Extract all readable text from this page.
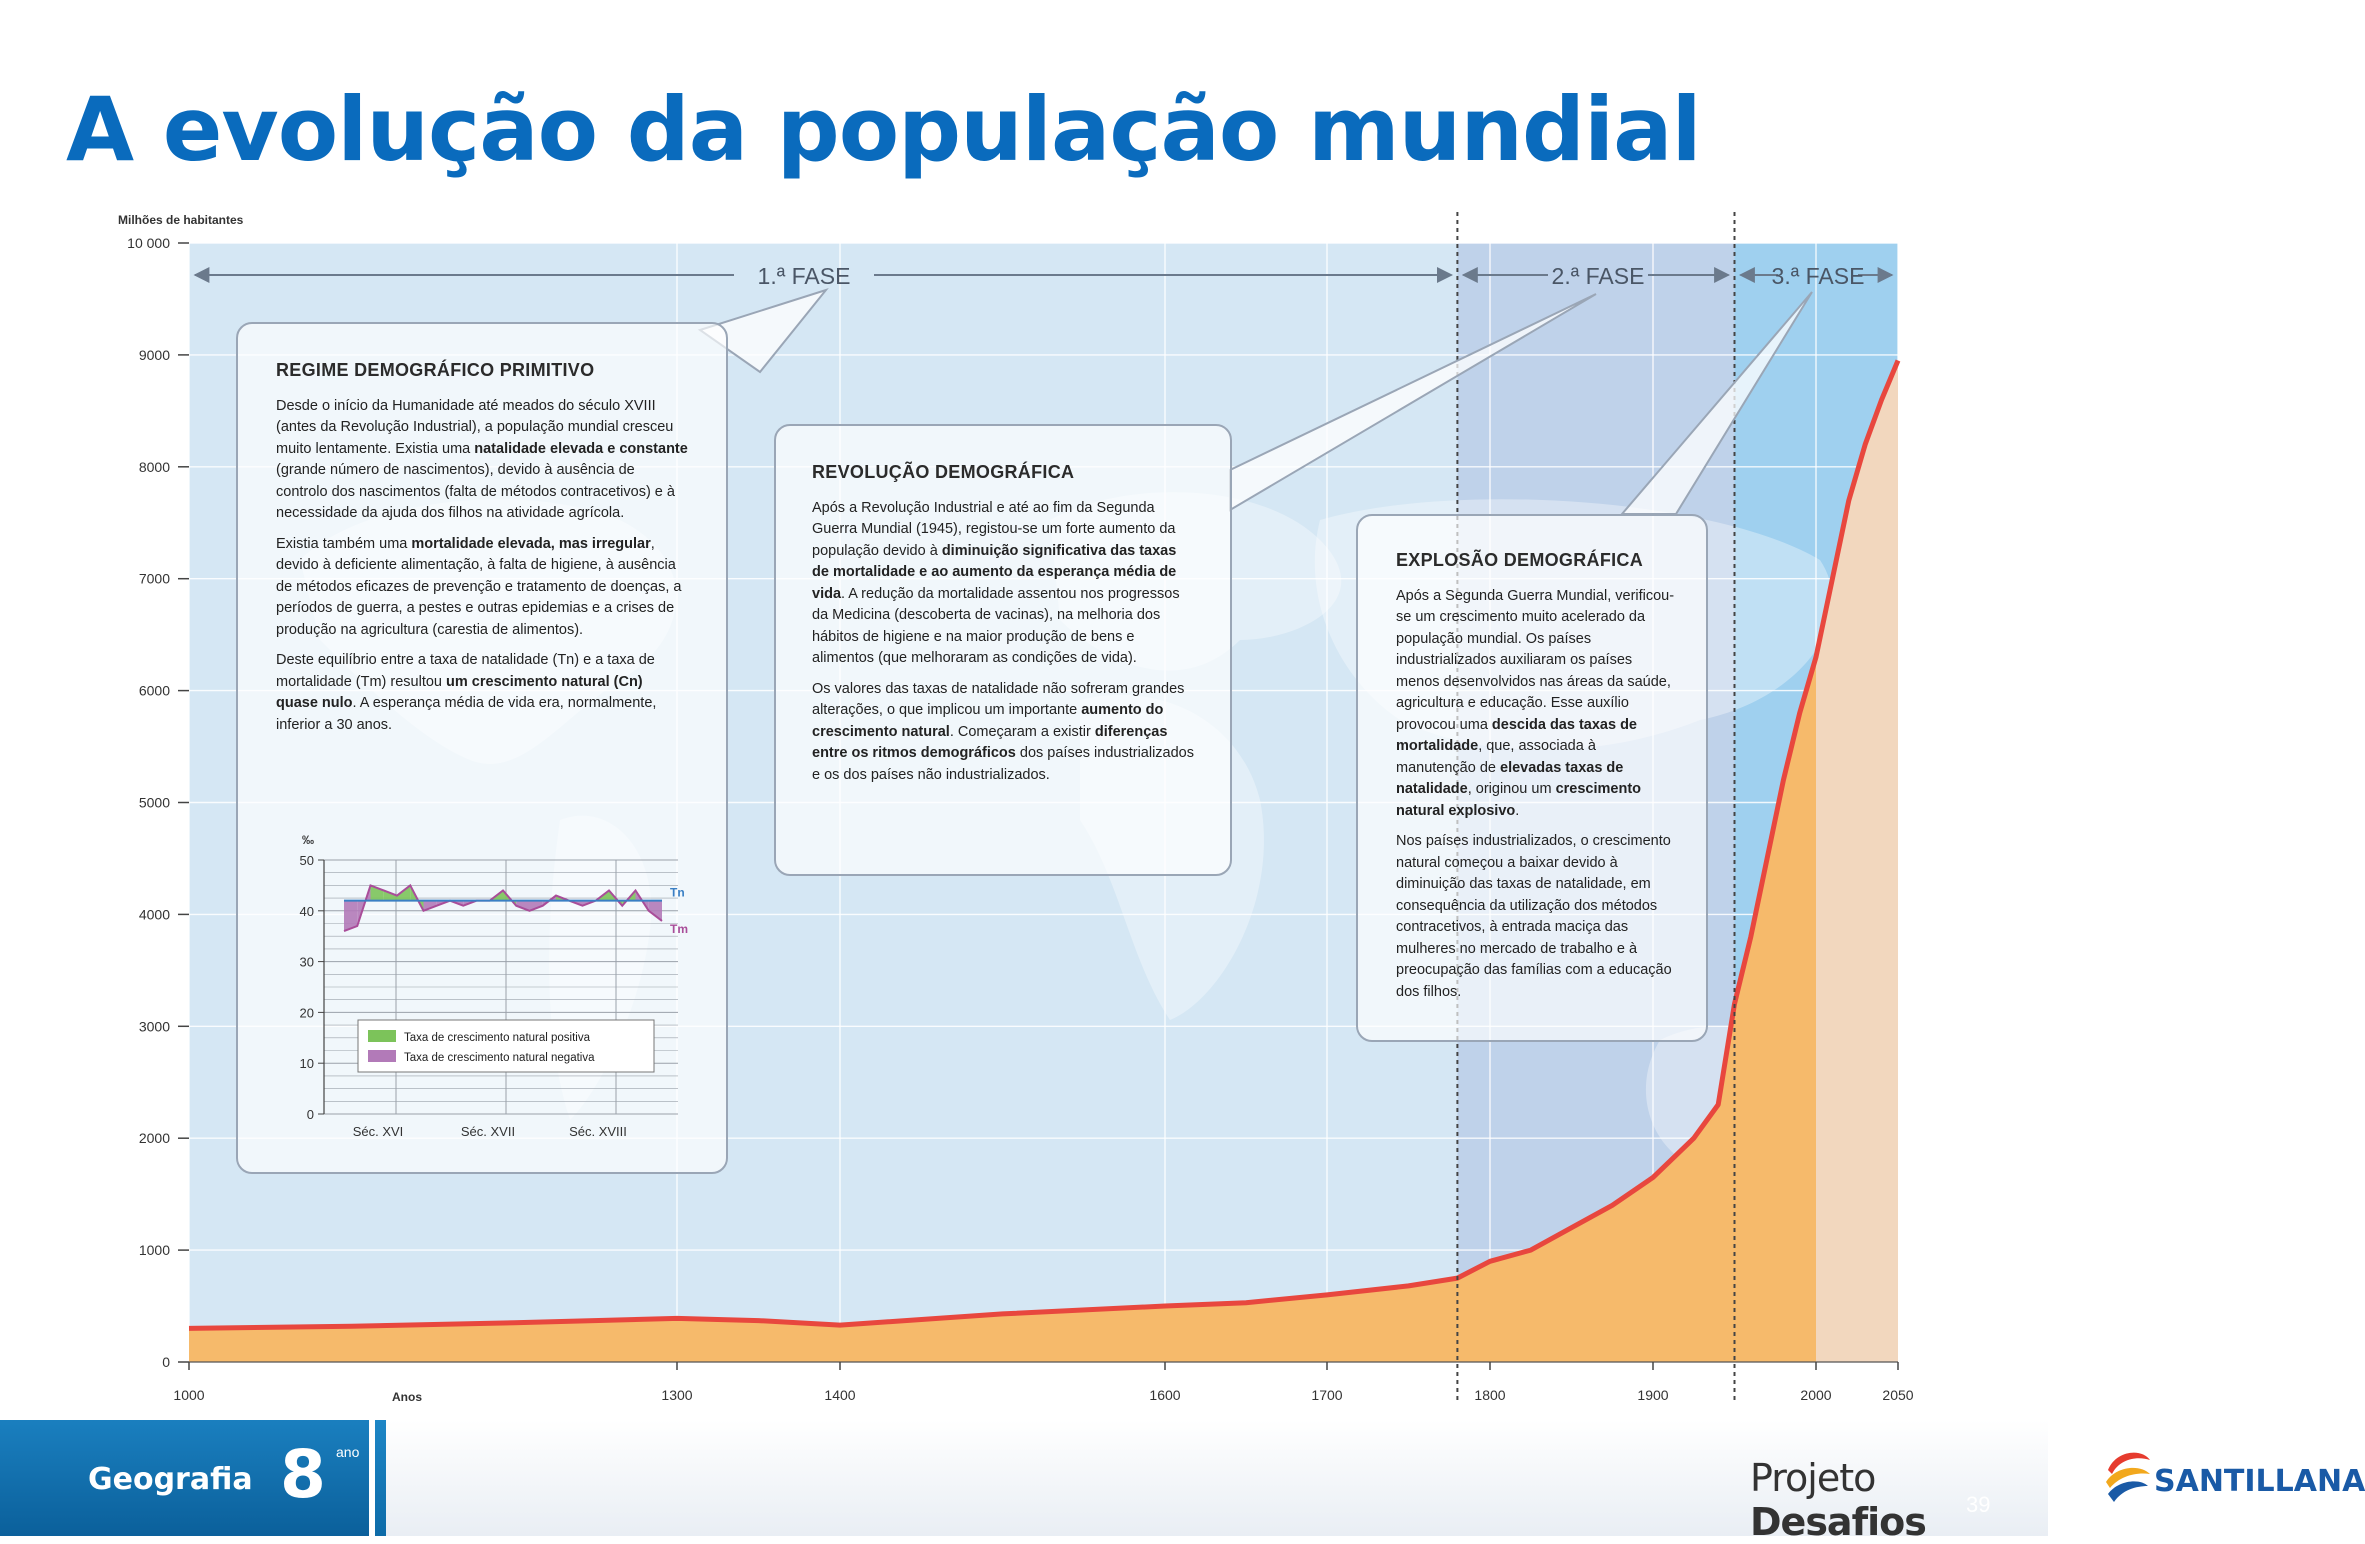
A evolução da população mundial
0
1000
2000
3000
4000
5000
6000
7000
8000
9000
10 000
1000	1300	1400	1600	1700	1800	1900	2000	2050
Milhões de habitantes
Anos
1.ª FASE	2.ª FASE	3.ª FASE
REGIME DEMOGRÁFICO PRIMITIVO

Desde o início da Humanidade até meados do século XVIII (antes da Revolução Industrial), a população mundial cresceu muito lentamente. Existia uma natalidade elevada e constante (grande número de nascimentos), devido à ausência de controlo dos nascimentos (falta de métodos contracetivos) e à necessidade da ajuda dos filhos na atividade agrícola.

Existia também uma mortalidade elevada, mas irregular, devido à deficiente alimentação, à falta de higiene, à ausência de métodos eficazes de prevenção e tratamento de doenças, a períodos de guerra, a pestes e outras epidemias e a crises de produção na agricultura (carestia de alimentos).

Deste equilíbrio entre a taxa de natalidade (Tn) e a taxa de mortalidade (Tm) resultou um crescimento natural (Cn) quase nulo. A esperança média de vida era, normalmente, inferior a 30 anos.

0
10
20
30
40
50
‰
Tn
Tm
Taxa de crescimento natural positiva
Taxa de crescimento natural negativa
Séc. XVI	Séc. XVII	Séc. XVIII
REVOLUÇÃO DEMOGRÁFICA

Após a Revolução Industrial e até ao fim da Segunda Guerra Mundial (1945), registou-se um forte aumento da população devido à diminuição significativa das taxas de mortalidade e ao aumento da esperança média de vida. A redução da mortalidade assentou nos progressos da Medicina (descoberta de vacinas), na melhoria dos hábitos de higiene e na maior produção de bens e alimentos (que melhoraram as condições de vida).

Os valores das taxas de natalidade não sofreram grandes alterações, o que implicou um importante aumento do crescimento natural. Começaram a existir diferenças entre os ritmos demográficos dos países industrializados e os dos países não industrializados.

EXPLOSÃO DEMOGRÁFICA

Após a Segunda Guerra Mundial, verificou-se um crescimento muito acelerado da população mundial. Os países industrializados auxiliaram os países menos desenvolvidos nas áreas da saúde, agricultura e educação. Esse auxílio provocou uma descida das taxas de mortalidade, que, associada à manutenção de elevadas taxas de natalidade, originou um crescimento natural explosivo.

Nos países industrializados, o crescimento natural começou a baixar devido à diminuição das taxas de natalidade, em consequência da utilização dos métodos contracetivos, à entrada maciça das mulheres no mercado de trabalho e à preocupação das famílias com a educação dos filhos.

Geografia 8 ano
Projeto Desafios
SANTILLANA
39
